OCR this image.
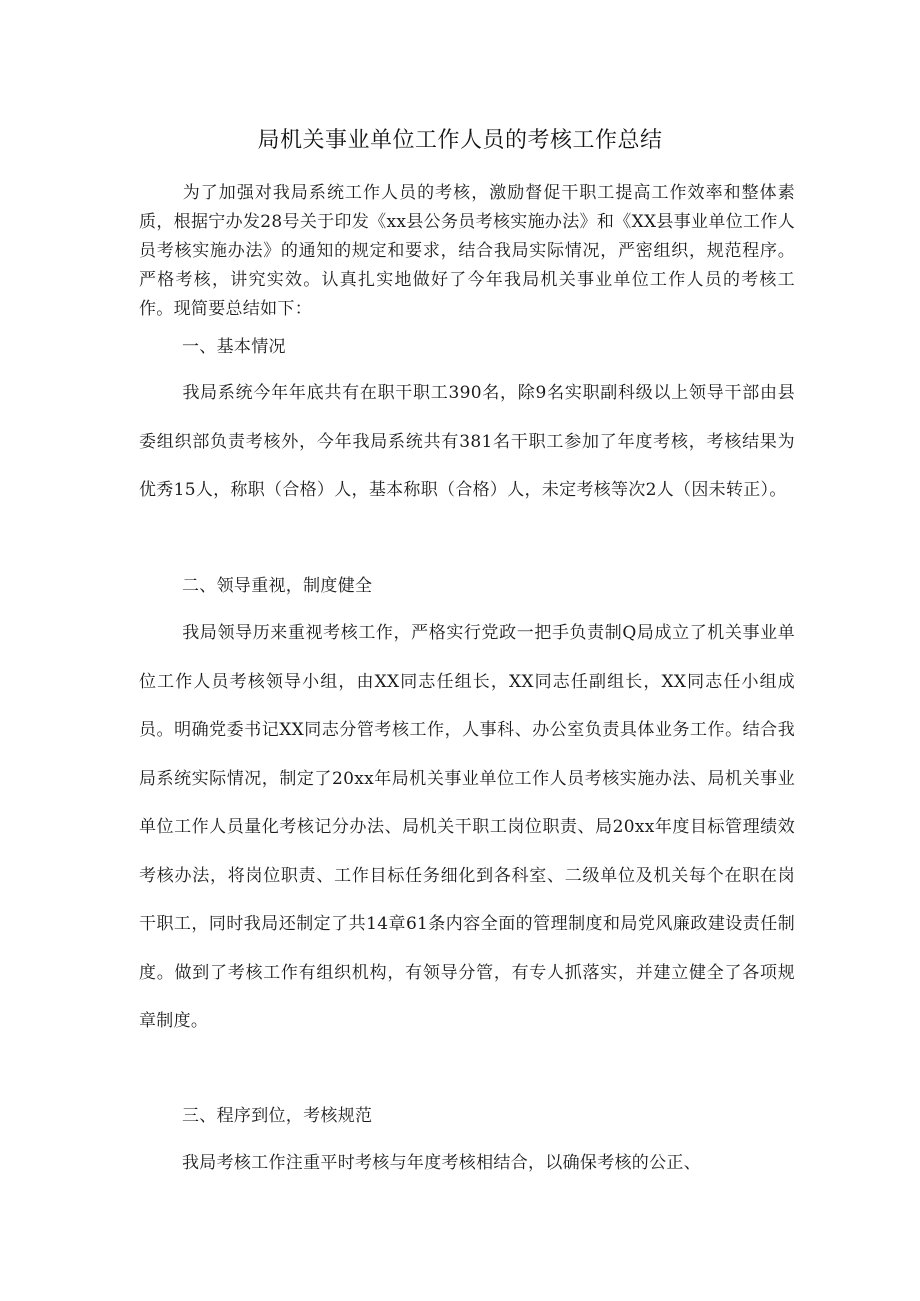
局机关事业单位工作人员的考核工作总结

为了加强对我局系统工作人员的考核，激励督促干职工提高工作效率和整体素质，根据宁办发28号关于印发《xx县公务员考核实施办法》和《XX县事业单位工作人员考核实施办法》的通知的规定和要求，结合我局实际情况，严密组织，规范程序。严格考核，讲究实效。认真扎实地做好了今年我局机关事业单位工作人员的考核工作。现简要总结如下：

一、基本情况

我局系统今年年底共有在职干职工390名，除9名实职副科级以上领导干部由县委组织部负责考核外，今年我局系统共有381名干职工参加了年度考核，考核结果为优秀15人，称职（合格）人，基本称职（合格）人，未定考核等次2人（因未转正）。

二、领导重视，制度健全

我局领导历来重视考核工作，严格实行党政一把手负责制Q局成立了机关事业单位工作人员考核领导小组，由XX同志任组长，XX同志任副组长，XX同志任小组成员。明确党委书记XX同志分管考核工作，人事科、办公室负责具体业务工作。结合我局系统实际情况，制定了20xx年局机关事业单位工作人员考核实施办法、局机关事业单位工作人员量化考核记分办法、局机关干职工岗位职责、局20xx年度目标管理绩效考核办法，将岗位职责、工作目标任务细化到各科室、二级单位及机关每个在职在岗干职工，同时我局还制定了共14章61条内容全面的管理制度和局党风廉政建设责任制度。做到了考核工作有组织机构，有领导分管，有专人抓落实，并建立健全了各项规章制度。

三、程序到位，考核规范

我局考核工作注重平时考核与年度考核相结合，以确保考核的公正、
